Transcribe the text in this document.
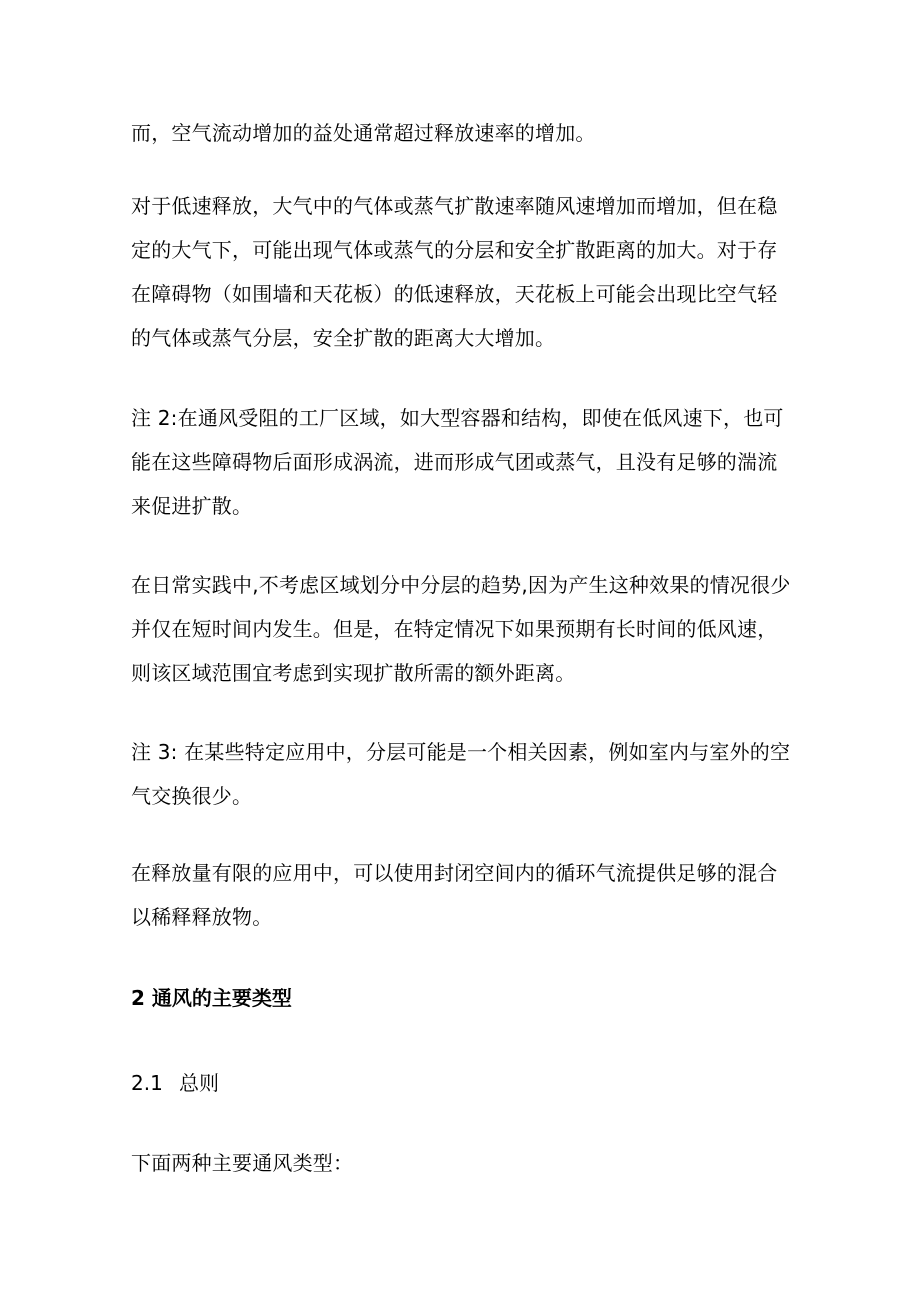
而，空气流动增加的益处通常超过释放速率的增加。

对于低速释放，大气中的气体或蒸气扩散速率随风速增加而增加，但在稳定的大气下，可能出现气体或蒸气的分层和安全扩散距离的加大。对于存在障碍物（如围墙和天花板）的低速释放，天花板上可能会出现比空气轻的气体或蒸气分层，安全扩散的距离大大增加。

注 2:在通风受阻的工厂区域，如大型容器和结构，即使在低风速下，也可能在这些障碍物后面形成涡流，进而形成气团或蒸气，且没有足够的湍流来促进扩散。

在日常实践中,不考虑区域划分中分层的趋势,因为产生这种效果的情况很少并仅在短时间内发生。但是，在特定情况下如果预期有长时间的低风速，则该区域范围宜考虑到实现扩散所需的额外距离。

注 3: 在某些特定应用中，分层可能是一个相关因素，例如室内与室外的空气交换很少。

在释放量有限的应用中，可以使用封闭空间内的循环气流提供足够的混合以稀释释放物。

2 通风的主要类型
2.1 总则

下面两种主要通风类型：
